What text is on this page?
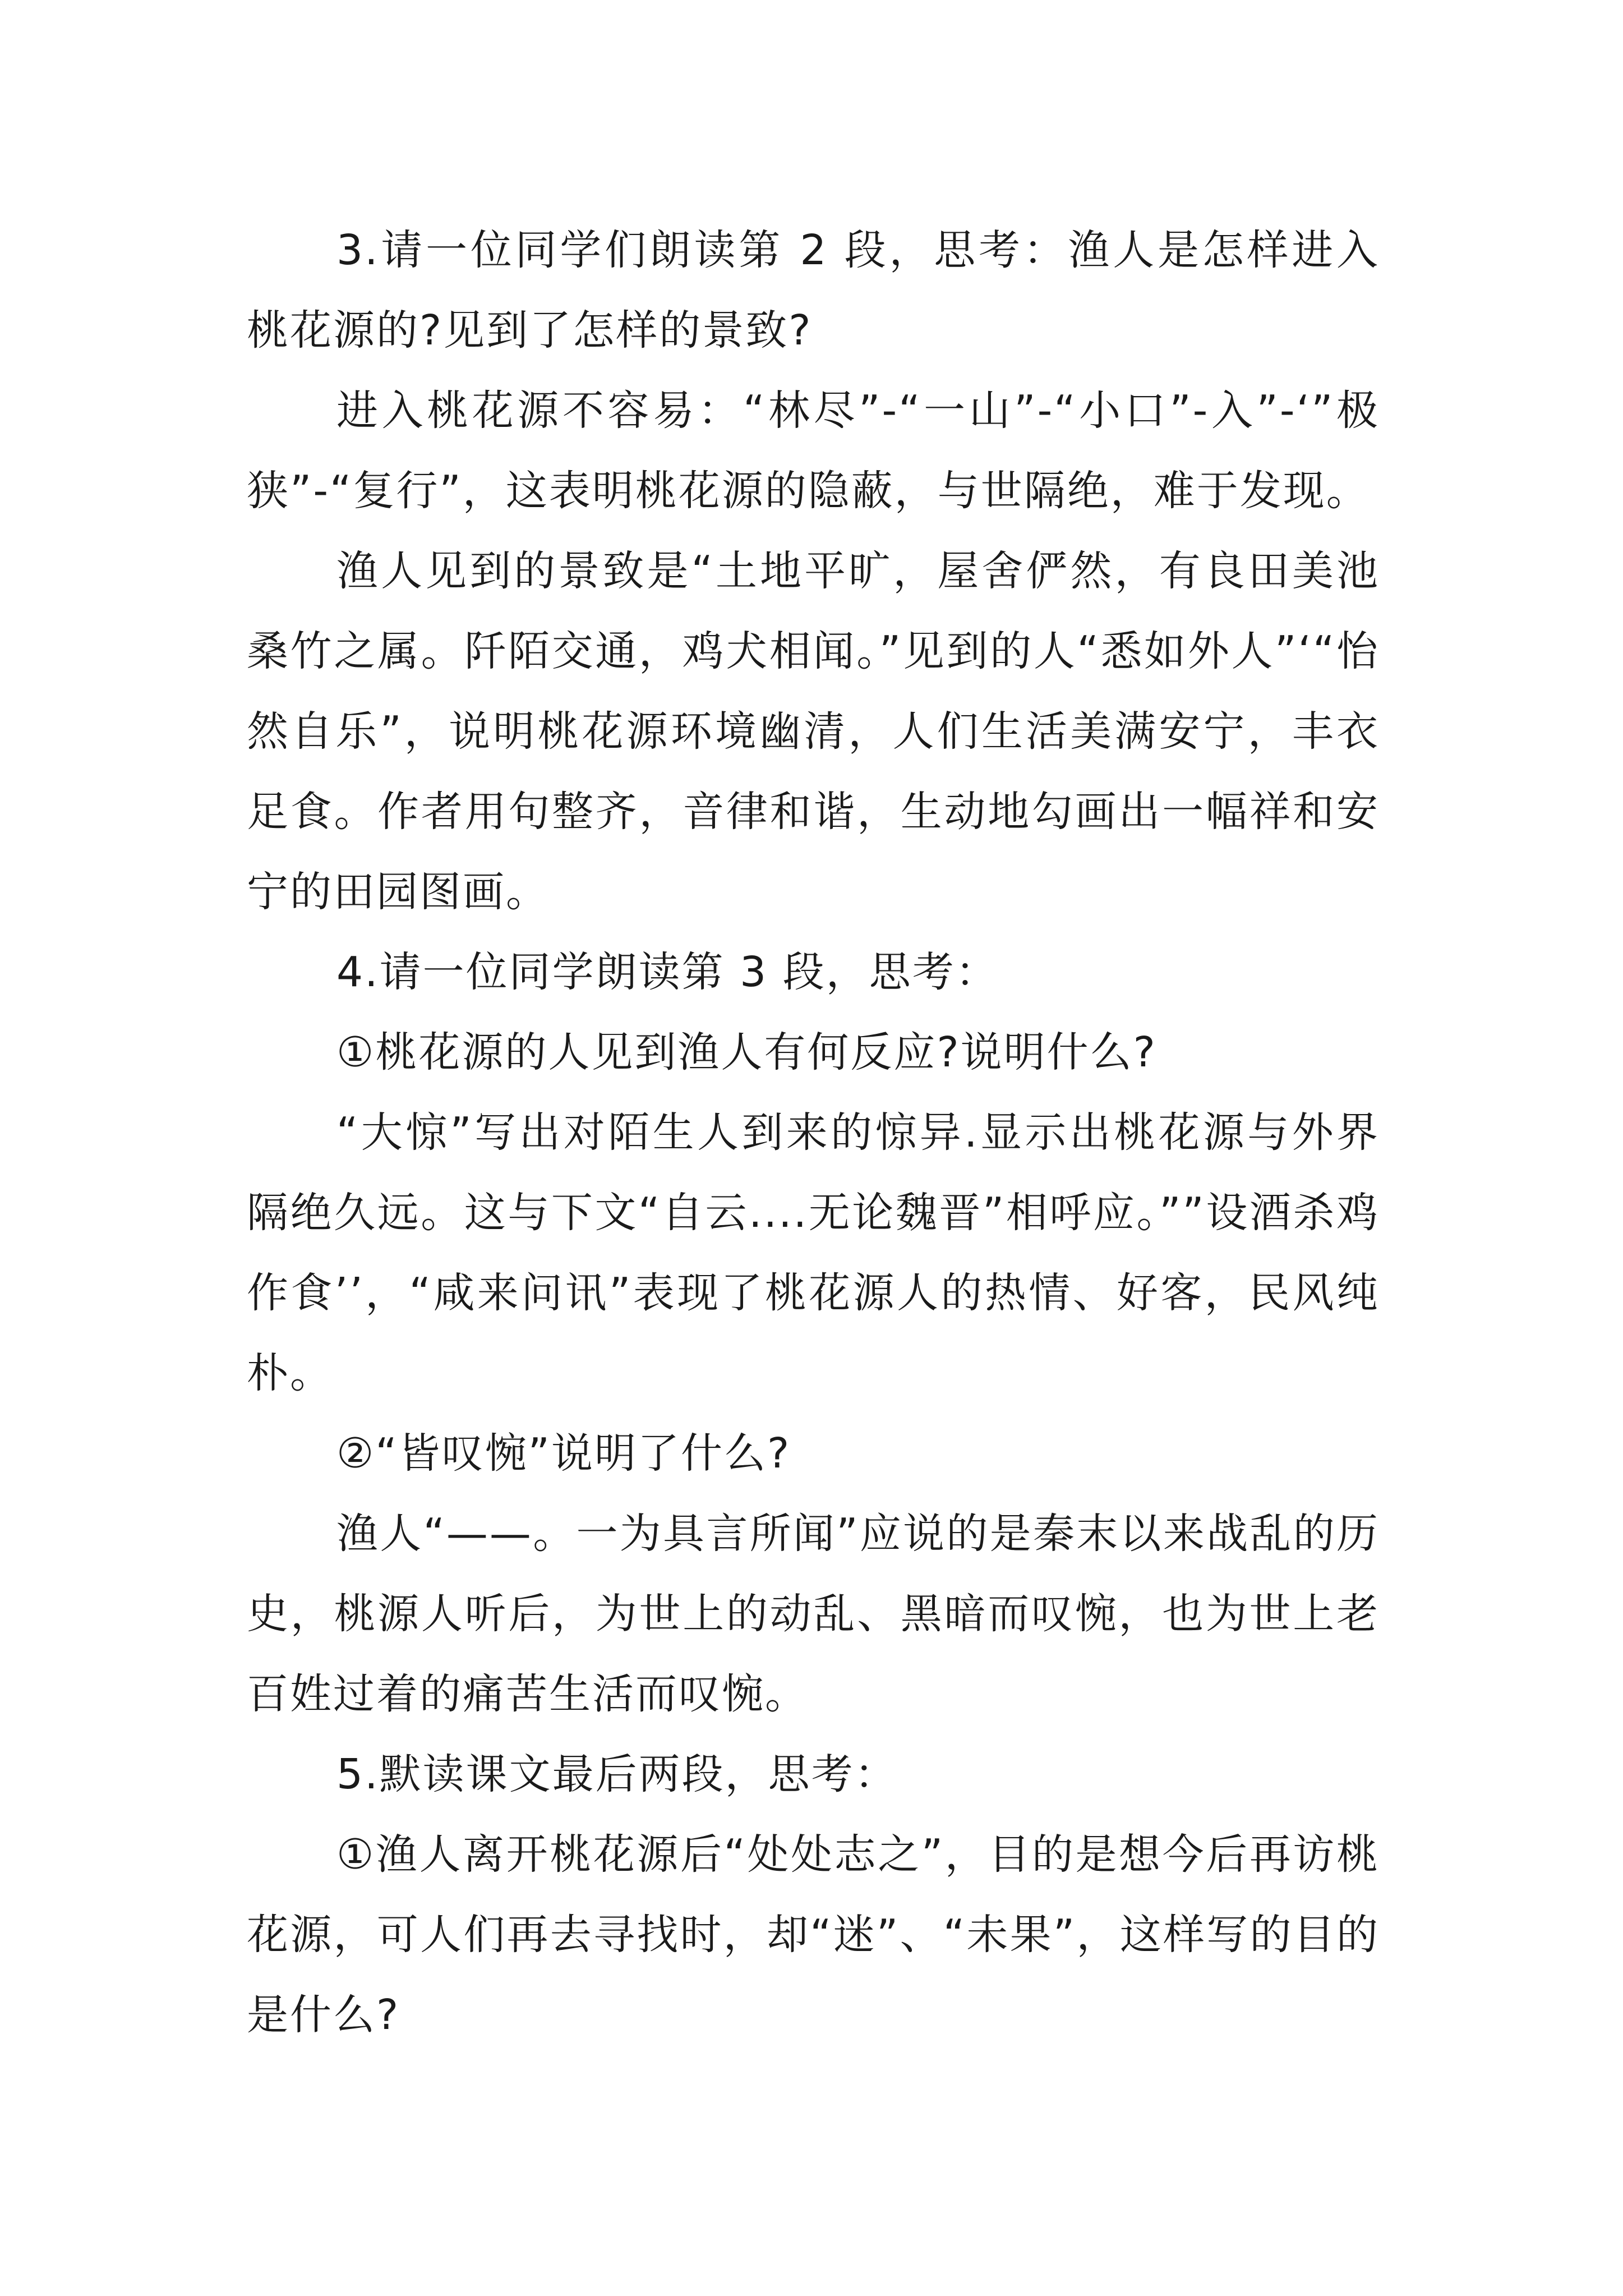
3.请一位同学们朗读第 2 段，思考：渔人是怎样进入桃花源的?见到了怎样的景致?

进入桃花源不容易：“林尽”-“一山”-“小口”-入”-‘”极狭”-“复行”，这表明桃花源的隐蔽，与世隔绝，难于发现。

渔人见到的景致是“土地平旷，屋舍俨然，有良田美池桑竹之属。阡陌交通，鸡犬相闻。”见到的人“悉如外人”‘“怡然自乐”，说明桃花源环境幽清，人们生活美满安宁，丰衣足食。作者用句整齐，音律和谐，生动地勾画出一幅祥和安宁的田园图画。

4.请一位同学朗读第 3 段，思考：

①桃花源的人见到渔人有何反应?说明什么?

“大惊”写出对陌生人到来的惊异.显示出桃花源与外界隔绝久远。这与下文“自云....无论魏晋”相呼应。””设酒杀鸡作食’’，“咸来问讯”表现了桃花源人的热情、好客，民风纯朴。

②“皆叹惋”说明了什么?

渔人“——。一为具言所闻”应说的是秦末以来战乱的历史，桃源人听后，为世上的动乱、黑暗而叹惋，也为世上老百姓过着的痛苦生活而叹惋。

5.默读课文最后两段，思考：

①渔人离开桃花源后“处处志之”，目的是想今后再访桃花源，可人们再去寻找时，却“迷”、“未果”，这样写的目的是什么?
